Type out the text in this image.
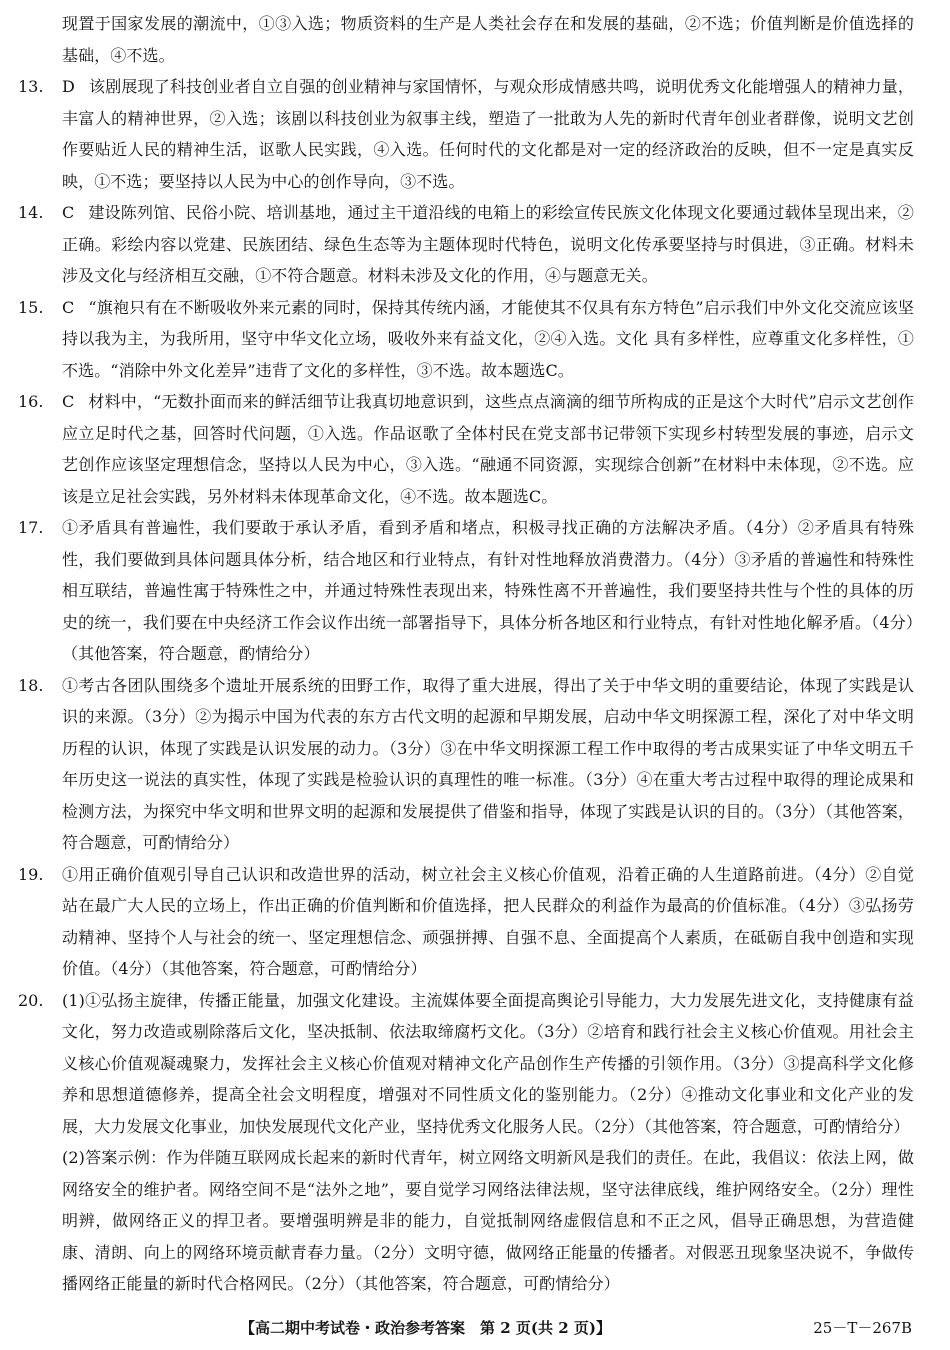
现置于国家发展的潮流中，①③入选；物质资料的生产是人类社会存在和发展的基础，②不选；价值判断是价值选择的基础，④不选。

13. D 该剧展现了科技创业者自立自强的创业精神与家国情怀，与观众形成情感共鸣，说明优秀文化能增强人的精神力量，丰富人的精神世界，②入选；该剧以科技创业为叙事主线，塑造了一批敢为人先的新时代青年创业者群像，说明文艺创作要贴近人民的精神生活，讴歌人民实践，④入选。任何时代的文化都是对一定的经济政治的反映，但不一定是真实反映，①不选；要坚持以人民为中心的创作导向，③不选。

14. C 建设陈列馆、民俗小院、培训基地，通过主干道沿线的电箱上的彩绘宣传民族文化体现文化要通过载体呈现出来，②正确。彩绘内容以党建、民族团结、绿色生态等为主题体现时代特色，说明文化传承要坚持与时俱进，③正确。材料未涉及文化与经济相互交融，①不符合题意。材料未涉及文化的作用，④与题意无关。

15. C “旗袍只有在不断吸收外来元素的同时，保持其传统内涵，才能使其不仅具有东方特色”启示我们中外文化交流应该坚持以我为主，为我所用，坚守中华文化立场，吸收外来有益文化，②④入选。文化 具有多样性，应尊重文化多样性，①不选。“消除中外文化差异”违背了文化的多样性，③不选。故本题选C。

16. C 材料中，“无数扑面而来的鲜活细节让我真切地意识到，这些点点滴滴的细节所构成的正是这个大时代”启示文艺创作应立足时代之基，回答时代问题，①入选。作品讴歌了全体村民在党支部书记带领下实现乡村转型发展的事迹，启示文艺创作应该坚定理想信念，坚持以人民为中心，③入选。“融通不同资源，实现综合创新”在材料中未体现，②不选。应该是立足社会实践，另外材料未体现革命文化，④不选。故本题选C。

17. ①矛盾具有普遍性，我们要敢于承认矛盾，看到矛盾和堵点，积极寻找正确的方法解决矛盾。（4分）②矛盾具有特殊性，我们要做到具体问题具体分析，结合地区和行业特点，有针对性地释放消费潜力。（4分）③矛盾的普遍性和特殊性相互联结，普遍性寓于特殊性之中，并通过特殊性表现出来，特殊性离不开普遍性，我们要坚持共性与个性的具体的历史的统一，我们要在中央经济工作会议作出统一部署指导下，具体分析各地区和行业特点，有针对性地化解矛盾。（4分）（其他答案，符合题意，酌情给分）

18. ①考古各团队围绕多个遗址开展系统的田野工作，取得了重大进展，得出了关于中华文明的重要结论，体现了实践是认识的来源。（3分）②为揭示中国为代表的东方古代文明的起源和早期发展，启动中华文明探源工程，深化了对中华文明历程的认识，体现了实践是认识发展的动力。（3分）③在中华文明探源工程工作中取得的考古成果实证了中华文明五千年历史这一说法的真实性，体现了实践是检验认识的真理性的唯一标准。（3分）④在重大考古过程中取得的理论成果和检测方法，为探究中华文明和世界文明的起源和发展提供了借鉴和指导，体现了实践是认识的目的。（3分）（其他答案，符合题意，可酌情给分）

19. ①用正确价值观引导自己认识和改造世界的活动，树立社会主义核心价值观，沿着正确的人生道路前进。（4分）②自觉站在最广大人民的立场上，作出正确的价值判断和价值选择，把人民群众的利益作为最高的价值标准。（4分）③弘扬劳动精神、坚持个人与社会的统一、坚定理想信念、顽强拼搏、自强不息、全面提高个人素质，在砥砺自我中创造和实现价值。（4分）（其他答案，符合题意，可酌情给分）

20. (1)①弘扬主旋律，传播正能量，加强文化建设。主流媒体要全面提高舆论引导能力，大力发展先进文化，支持健康有益文化，努力改造或剔除落后文化，坚决抵制、依法取缔腐朽文化。（3分）②培育和践行社会主义核心价值观。用社会主义核心价值观凝魂聚力，发挥社会主义核心价值观对精神文化产品创作生产传播的引领作用。（3分）③提高科学文化修养和思想道德修养，提高全社会文明程度，增强对不同性质文化的鉴别能力。（2分）④推动文化事业和文化产业的发展，大力发展文化事业，加快发展现代文化产业，坚持优秀文化服务人民。（2分）（其他答案，符合题意，可酌情给分）

(2)答案示例：作为伴随互联网成长起来的新时代青年，树立网络文明新风是我们的责任。在此，我倡议：依法上网，做网络安全的维护者。网络空间不是“法外之地”，要自觉学习网络法律法规，坚守法律底线，维护网络安全。（2分）理性明辨，做网络正义的捍卫者。要增强明辨是非的能力，自觉抵制网络虚假信息和不正之风，倡导正确思想，为营造健康、清朗、向上的网络环境贡献青春力量。（2分）文明守德，做网络正能量的传播者。对假恶丑现象坚决说不，争做传播网络正能量的新时代合格网民。（2分）（其他答案，符合题意，可酌情给分）

【高二期中考试卷・政治参考答案　第 2 页(共 2 页)】	25－T－267B
